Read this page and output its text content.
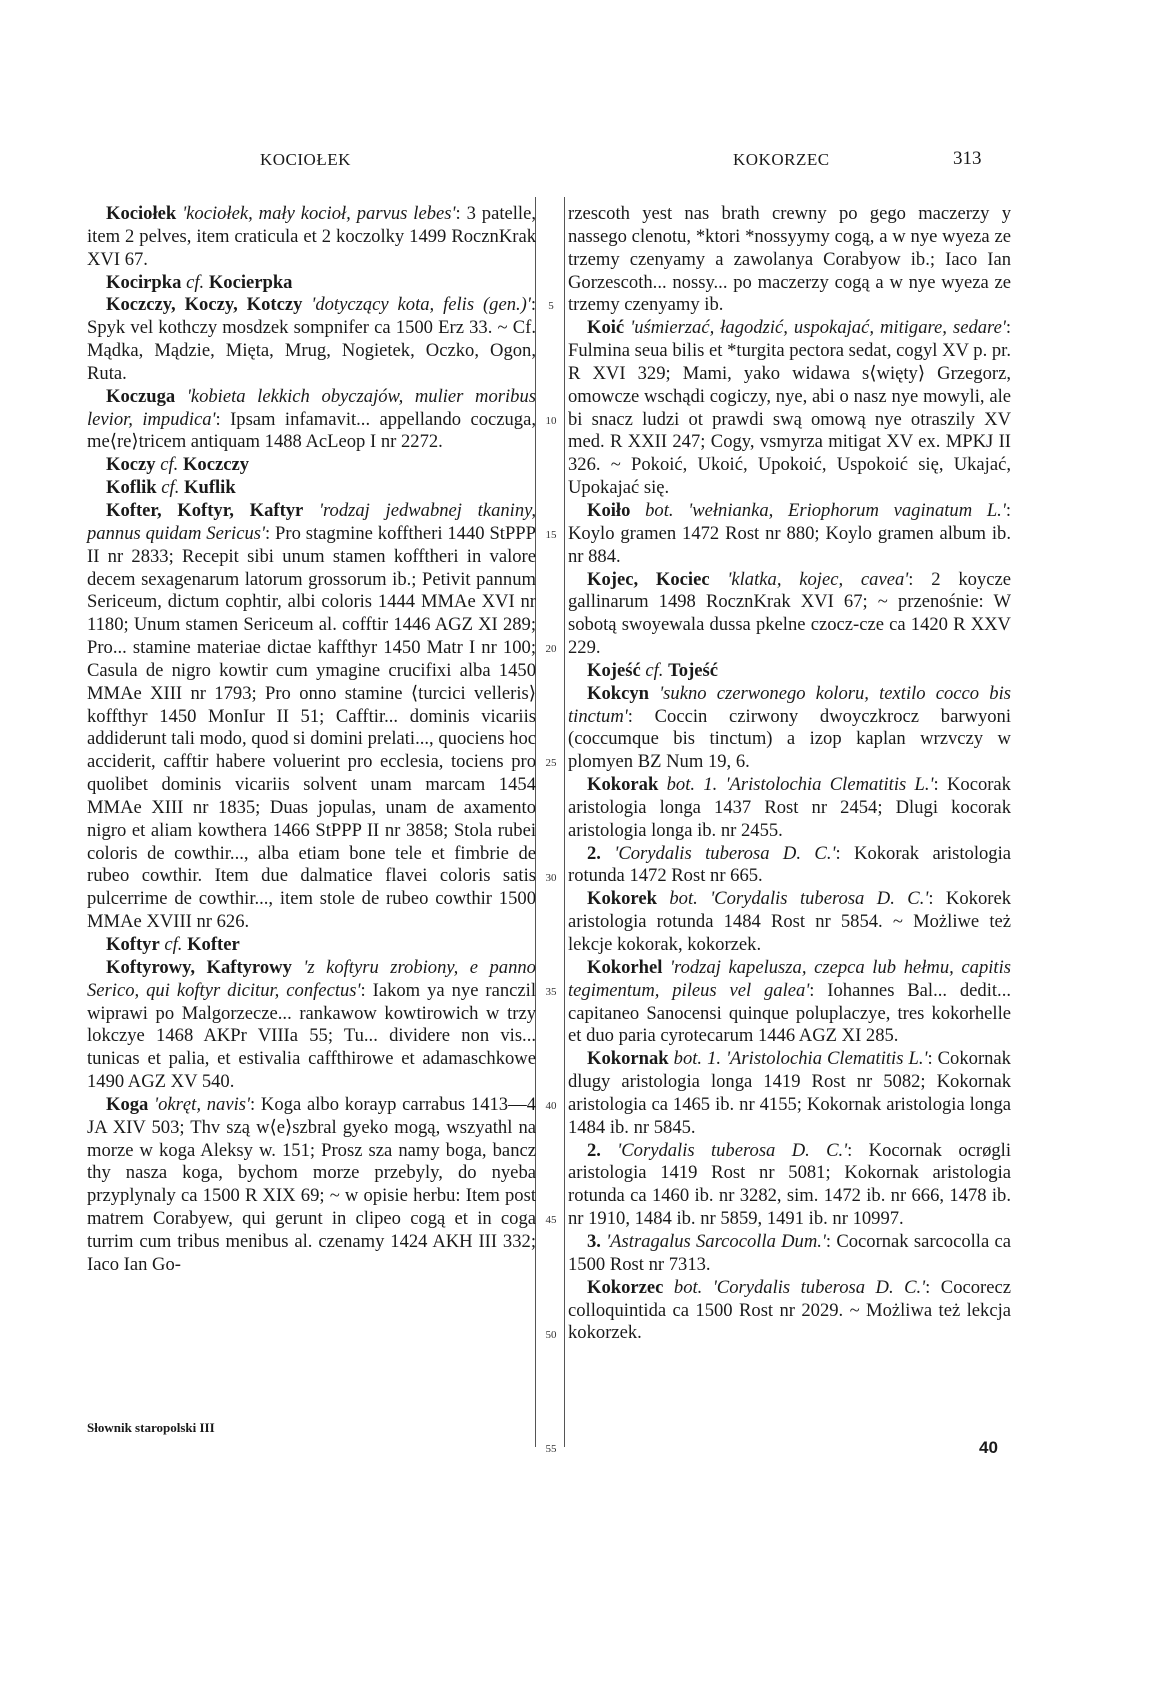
KOCIOŁEK	KOKORZEC	313
5
10
15
20
25
30
35
40
45
50
55

Kociołek 'kociołek, mały kocioł, parvus lebes': 3 patelle, item 2 pelves, item craticula et 2 koczolky 1499 RocznKrak XVI 67.

Kocirpka cf. Kocierpka

Koczczy, Koczy, Kotczy 'dotyczący kota, felis (gen.)': Spyk vel kothczy mosdzek sompnifer ca 1500 Erz 33. ~ Cf. Mądka, Mądzie, Mięta, Mrug, Nogietek, Oczko, Ogon, Ruta.

Koczuga 'kobieta lekkich obyczajów, mulier moribus levior, impudica': Ipsam infamavit... appellando coczuga, me⟨re⟩tricem antiquam 1488 AcLeop I nr 2272.

Koczy cf. Koczczy

Koflik cf. Kuflik

Kofter, Koftyr, Kaftyr 'rodzaj jedwabnej tkaniny, pannus quidam Sericus': Pro stagmine kofftheri 1440 StPPP II nr 2833; Recepit sibi unum stamen kofftheri in valore decem sexagenarum latorum grossorum ib.; Petivit pannum Sericeum, dictum cophtir, albi coloris 1444 MMAe XVI nr 1180; Unum stamen Sericeum al. cofftir 1446 AGZ XI 289; Pro... stamine materiae dictae kaffthyr 1450 Matr I nr 100; Casula de nigro kowtir cum ymagine crucifixi alba 1450 MMAe XIII nr 1793; Pro onno stamine ⟨turcici velleris⟩ koffthyr 1450 MonIur II 51; Cafftir... dominis vicariis addiderunt tali modo, quod si domini prelati..., quociens hoc acciderit, cafftir habere voluerint pro ecclesia, tociens pro quolibet dominis vicariis solvent unam marcam 1454 MMAe XIII nr 1835; Duas jopulas, unam de axamento nigro et aliam kowthera 1466 StPPP II nr 3858; Stola rubei coloris de cowthir..., alba etiam bone tele et fimbrie de rubeo cowthir. Item due dalmatice flavei coloris satis pulcerrime de cowthir..., item stole de rubeo cowthir 1500 MMAe XVIII nr 626.

Koftyr cf. Kofter

Koftyrowy, Kaftyrowy 'z koftyru zrobiony, e panno Serico, qui koftyr dicitur, confectus': Iakom ya nye ranczil wiprawi po Malgorzecze... rankawow kowtirowich w trzy lokczye 1468 AKPr VIIIa 55; Tu... dividere non vis... tunicas et palia, et estivalia caffthirowe et adamaschkowe 1490 AGZ XV 540.

Koga 'okręt, navis': Koga albo korayp carrabus 1413—4 JA XIV 503; Thv szą w⟨e⟩szbral gyeko mogą, wszyathl na morze w koga Aleksy w. 151; Prosz sza namy boga, bancz thy nasza koga, bychom morze przebyly, do nyeba przyplynaly ca 1500 R XIX 69; ~ w opisie herbu: Item post matrem Corabyew, qui gerunt in clipeo cogą et in coga turrim cum tribus menibus al. czenamy 1424 AKH III 332; Iaco Ian Go-

rzescoth yest nas brath crewny po gego maczerzy y nassego clenotu, *ktori *nossyymy cogą, a w nye wyeza ze trzemy czenyamy a zawolanya Corabyow ib.; Iaco Ian Gorzescoth... nossy... po maczerzy cogą a w nye wyeza ze trzemy czenyamy ib.

Koić 'uśmierzać, łagodzić, uspokajać, mitigare, sedare': Fulmina seua bilis et *turgita pectora sedat, cogyl XV p. pr. R XVI 329; Mami, yako widawa s⟨więty⟩ Grzegorz, omowcze wschądi cogiczy, nye, abi o nasz nye mowyli, ale bi snacz ludzi ot prawdi swą omową nye otraszily XV med. R XXII 247; Cogy, vsmyrza mitigat XV ex. MPKJ II 326. ~ Pokoić, Ukoić, Upokoić, Uspokoić się, Ukajać, Upokajać się.

Koiło bot. 'wełnianka, Eriophorum vaginatum L.': Koylo gramen 1472 Rost nr 880; Koylo gramen album ib. nr 884.

Kojec, Kociec 'klatka, kojec, cavea': 2 koycze gallinarum 1498 RocznKrak XVI 67; ~ przenośnie: W sobotą swoyewala dussa pkelne czocz-cze ca 1420 R XXV 229.

Kojeść cf. Tojeść

Kokcyn 'sukno czerwonego koloru, textilo cocco bis tinctum': Coccin czirwony dwoyczkrocz barwyoni (coccumque bis tinctum) a izop kaplan wrzvczy w plomyen BZ Num 19, 6.

Kokorak bot. 1. 'Aristolochia Clematitis L.': Kocorak aristologia longa 1437 Rost nr 2454; Dlugi kocorak aristologia longa ib. nr 2455.

2. 'Corydalis tuberosa D. C.': Kokorak aristologia rotunda 1472 Rost nr 665.

Kokorek bot. 'Corydalis tuberosa D. C.': Kokorek aristologia rotunda 1484 Rost nr 5854. ~ Możliwe też lekcje kokorak, kokorzek.

Kokorhel 'rodzaj kapelusza, czepca lub hełmu, capitis tegimentum, pileus vel galea': Iohannes Bal... dedit... capitaneo Sanocensi quinque poluplaczye, tres kokorhelle et duo paria cyrotecarum 1446 AGZ XI 285.

Kokornak bot. 1. 'Aristolochia Clematitis L.': Cokornak dlugy aristologia longa 1419 Rost nr 5082; Kokornak aristologia ca 1465 ib. nr 4155; Kokornak aristologia longa 1484 ib. nr 5845.

2. 'Corydalis tuberosa D. C.': Kocornak ocrøgli aristologia 1419 Rost nr 5081; Kokornak aristologia rotunda ca 1460 ib. nr 3282, sim. 1472 ib. nr 666, 1478 ib. nr 1910, 1484 ib. nr 5859, 1491 ib. nr 10997.

3. 'Astragalus Sarcocolla Dum.': Cocornak sarcocolla ca 1500 Rost nr 7313.

Kokorzec bot. 'Corydalis tuberosa D. C.': Cocorecz colloquintida ca 1500 Rost nr 2029. ~ Możliwa też lekcja kokorzek.

Słownik staropolski III
40
